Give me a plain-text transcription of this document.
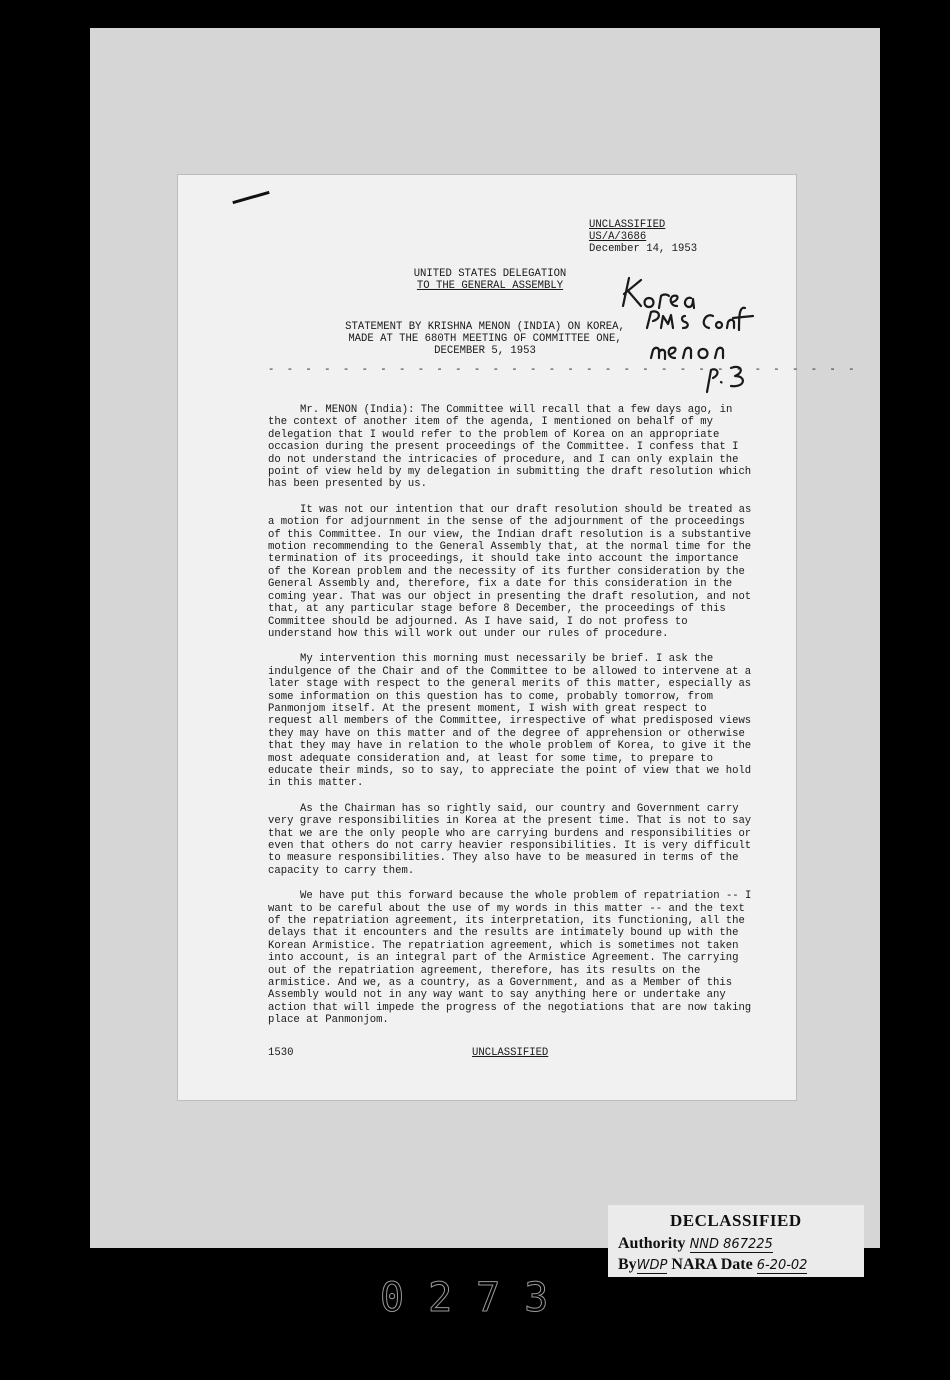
UNCLASSIFIED
US/A/3686
December 14, 1953
UNITED STATES DELEGATION
TO THE GENERAL ASSEMBLY
STATEMENT BY KRISHNA MENON (INDIA) ON KOREA,
MADE AT THE 680TH MEETING OF COMMITTEE ONE,
DECEMBER 5, 1953
- - - - - - - - - - - - - - - - - - - - - - - - - - - - - - - -

Mr. MENON (India): The Committee will recall that a few days ago, in the context of another item of the agenda, I mentioned on behalf of my delegation that I would refer to the problem of Korea on an appropriate occasion during the present proceedings of the Committee. I confess that I do not understand the intricacies of procedure, and I can only explain the point of view held by my delegation in submitting the draft resolution which has been presented by us.

It was not our intention that our draft resolution should be treated as a motion for adjournment in the sense of the adjournment of the proceedings of this Committee. In our view, the Indian draft resolution is a substantive motion recommending to the General Assembly that, at the normal time for the termination of its proceedings, it should take into account the importance of the Korean problem and the necessity of its further consideration by the General Assembly and, therefore, fix a date for this consideration in the coming year. That was our object in presenting the draft resolution, and not that, at any particular stage before 8 December, the proceedings of this Committee should be adjourned. As I have said, I do not profess to understand how this will work out under our rules of procedure.

My intervention this morning must necessarily be brief. I ask the indulgence of the Chair and of the Committee to be allowed to intervene at a later stage with respect to the general merits of this matter, especially as some information on this question has to come, probably tomorrow, from Panmonjom itself. At the present moment, I wish with great respect to request all members of the Committee, irrespective of what predisposed views they may have on this matter and of the degree of apprehension or otherwise that they may have in relation to the whole problem of Korea, to give it the most adequate consideration and, at least for some time, to prepare to educate their minds, so to say, to appreciate the point of view that we hold in this matter.

As the Chairman has so rightly said, our country and Government carry very grave responsibilities in Korea at the present time. That is not to say that we are the only people who are carrying burdens and responsibilities or even that others do not carry heavier responsibilities. It is very difficult to measure responsibilities. They also have to be measured in terms of the capacity to carry them.

We have put this forward because the whole problem of repatriation -- I want to be careful about the use of my words in this matter -- and the text of the repatriation agreement, its interpretation, its functioning, all the delays that it encounters and the results are intimately bound up with the Korean Armistice. The repatriation agreement, which is sometimes not taken into account, is an integral part of the Armistice Agreement. The carrying out of the repatriation agreement, therefore, has its results on the armistice. And we, as a country, as a Government, and as a Member of this Assembly would not in any way want to say anything here or undertake any action that will impede the progress of the negotiations that are now taking place at Panmonjom.

1530	UNCLASSIFIED
DECLASSIFIED
Authority NND 867225
ByWDP NARA Date 6-20-02
0273
